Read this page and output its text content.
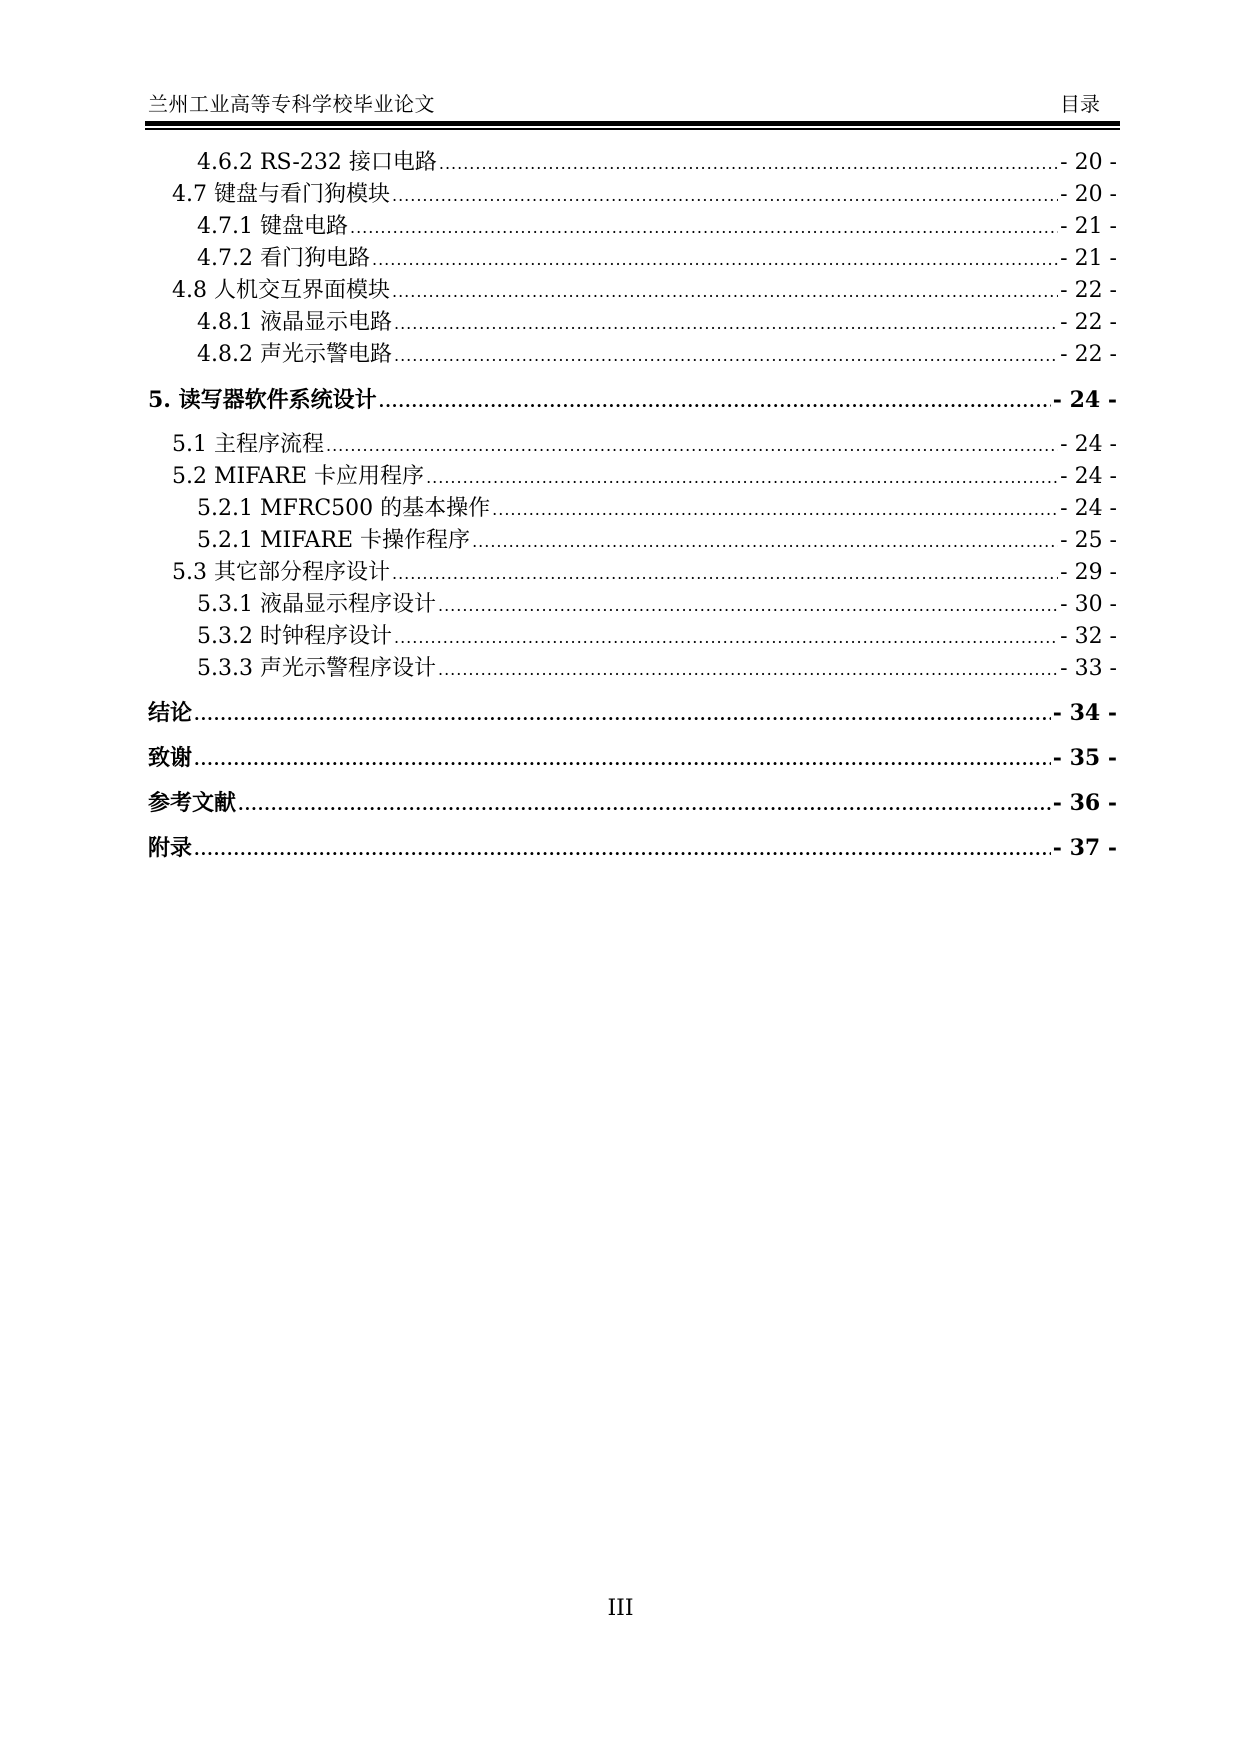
兰州工业高等专科学校毕业论文	目录
4.6.2 RS-232 接口电路 .....	- 20 -
4.7 键盘与看门狗模块 .....	- 20 -
4.7.1 键盘电路 .....	- 21 -
4.7.2 看门狗电路 .....	- 21 -
4.8 人机交互界面模块 .....	- 22 -
4.8.1 液晶显示电路 .....	- 22 -
4.8.2 声光示警电路 .....	- 22 -
5. 读写器软件系统设计 .....	- 24 -
5.1 主程序流程 .....	- 24 -
5.2 MIFARE 卡应用程序 .....	- 24 -
5.2.1 MFRC500 的基本操作 .....	- 24 -
5.2.1 MIFARE 卡操作程序 .....	- 25 -
5.3 其它部分程序设计 .....	- 29 -
5.3.1 液晶显示程序设计 .....	- 30 -
5.3.2 时钟程序设计 .....	- 32 -
5.3.3 声光示警程序设计 .....	- 33 -
结论 .....	- 34 -
致谢 .....	- 35 -
参考文献 .....	- 36 -
附录 .....	- 37 -
III
